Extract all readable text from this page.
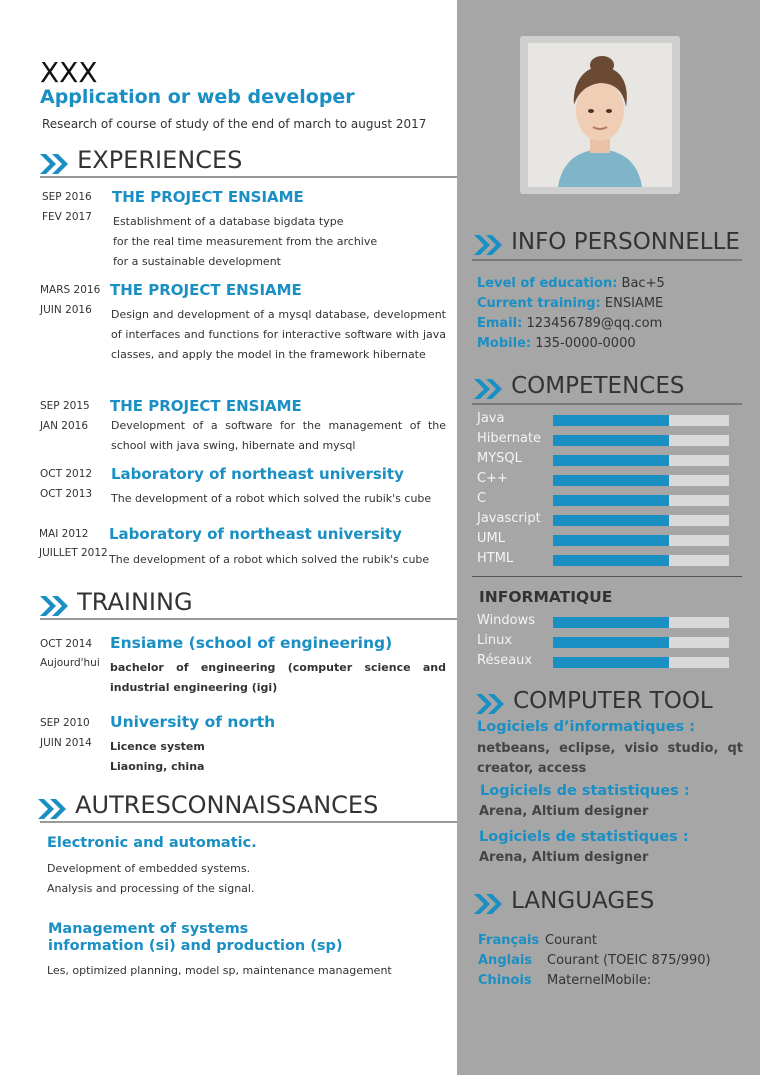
XXX
Application or web developer
Research of course of study of the end of march to august 2017
EXPERIENCES
SEP 2016
FEV 2017
THE PROJECT ENSIAME
Establishment of a database bigdata type
for the real time measurement from the archive
for a sustainable development
MARS 2016
JUIN 2016
THE PROJECT ENSIAME
Design and development of a mysql database, development of interfaces and functions for interactive software with java classes, and apply the model in the framework hibernate
SEP 2015
JAN 2016
THE PROJECT ENSIAME
Development of a software for the management of the school with java swing, hibernate and mysql
OCT 2012
OCT 2013
Laboratory of northeast university
The development of a robot which solved the rubik's cube
MAI 2012
JUILLET 2012
Laboratory of northeast university
The development of a robot which solved the rubik's cube
TRAINING
OCT 2014
Aujourd'hui
Ensiame (school of engineering)
bachelor of engineering (computer science and industrial engineering (igi)
SEP 2010
JUIN 2014
University of north
Licence system
Liaoning, china
AUTRESCONNAISSANCES
Electronic and automatic.
Development of embedded systems.
Analysis and processing of the signal.
Management of systems
information (si) and production (sp)
Les, optimized planning, model sp, maintenance management
INFO PERSONNELLE
Level of education: Bac+5
Current training: ENSIAME
Email: 123456789@qq.com
Mobile: 135-0000-0000
COMPETENCES
Java
Hibernate
MYSQL
C++
C
Javascript
UML
HTML
INFORMATIQUE
Windows
Linux
Réseaux
COMPUTER TOOL
Logiciels d’informatiques :
netbeans,  eclipse,  visio  studio,  qt
creator, access
Logiciels de statistiques :
Arena, Altium designer
Logiciels de statistiques :
Arena, Altium designer
LANGUAGES
Français Courant
Anglais Courant (TOEIC 875/990)
Chinois MaternelMobile:
